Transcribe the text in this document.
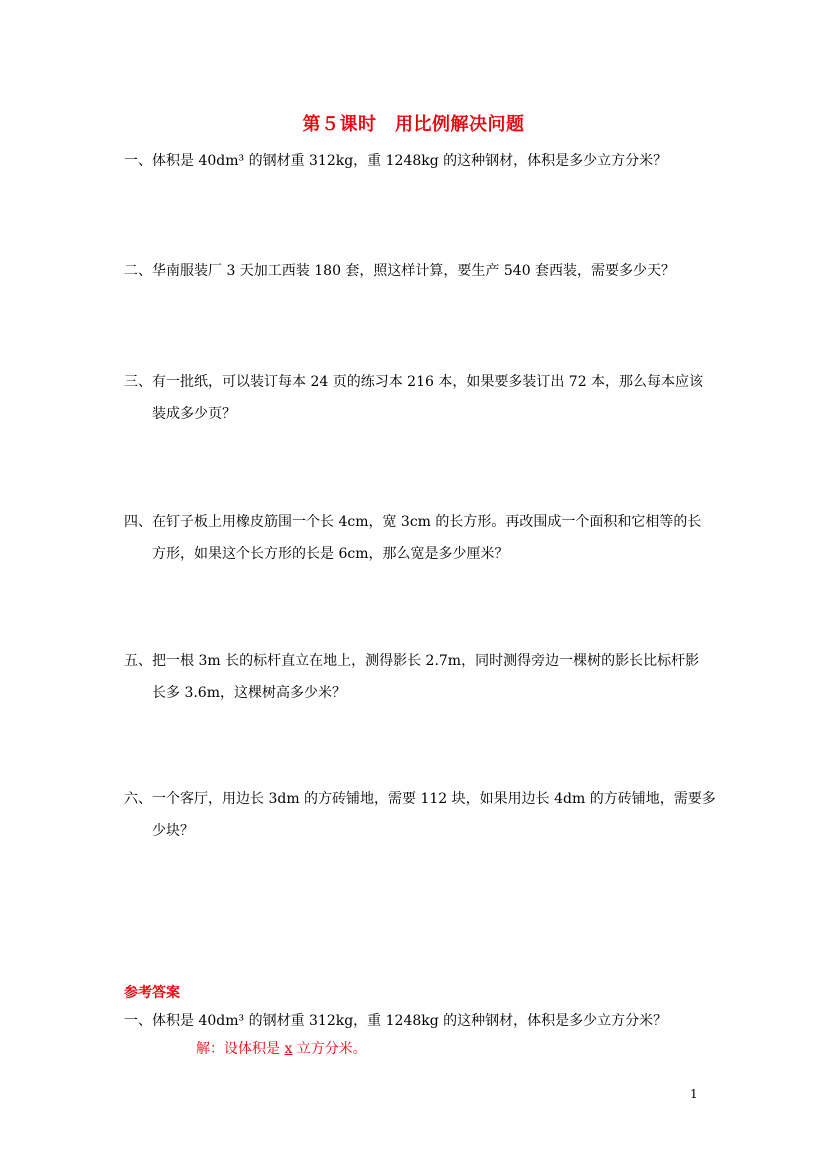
第５课时　用比例解决问题
一、体积是 40dm³ 的钢材重 312kg，重 1248kg 的这种钢材，体积是多少立方分米？
二、华南服装厂 3 天加工西装 180 套，照这样计算，要生产 540 套西装，需要多少天？
三、有一批纸，可以装订每本 24 页的练习本 216 本，如果要多装订出 72 本，那么每本应该
装成多少页？
四、在钉子板上用橡皮筋围一个长 4cm，宽 3cm 的长方形。再改围成一个面积和它相等的长
方形，如果这个长方形的长是 6cm，那么宽是多少厘米？
五、把一根 3m 长的标杆直立在地上，测得影长 2.7m，同时测得旁边一棵树的影长比标杆影
长多 3.6m，这棵树高多少米？
六、一个客厅，用边长 3dm 的方砖铺地，需要 112 块，如果用边长 4dm 的方砖铺地，需要多
少块？
参考答案
一、体积是 40dm³ 的钢材重 312kg，重 1248kg 的这种钢材，体积是多少立方分米？
解：设体积是 x 立方分米。
1
